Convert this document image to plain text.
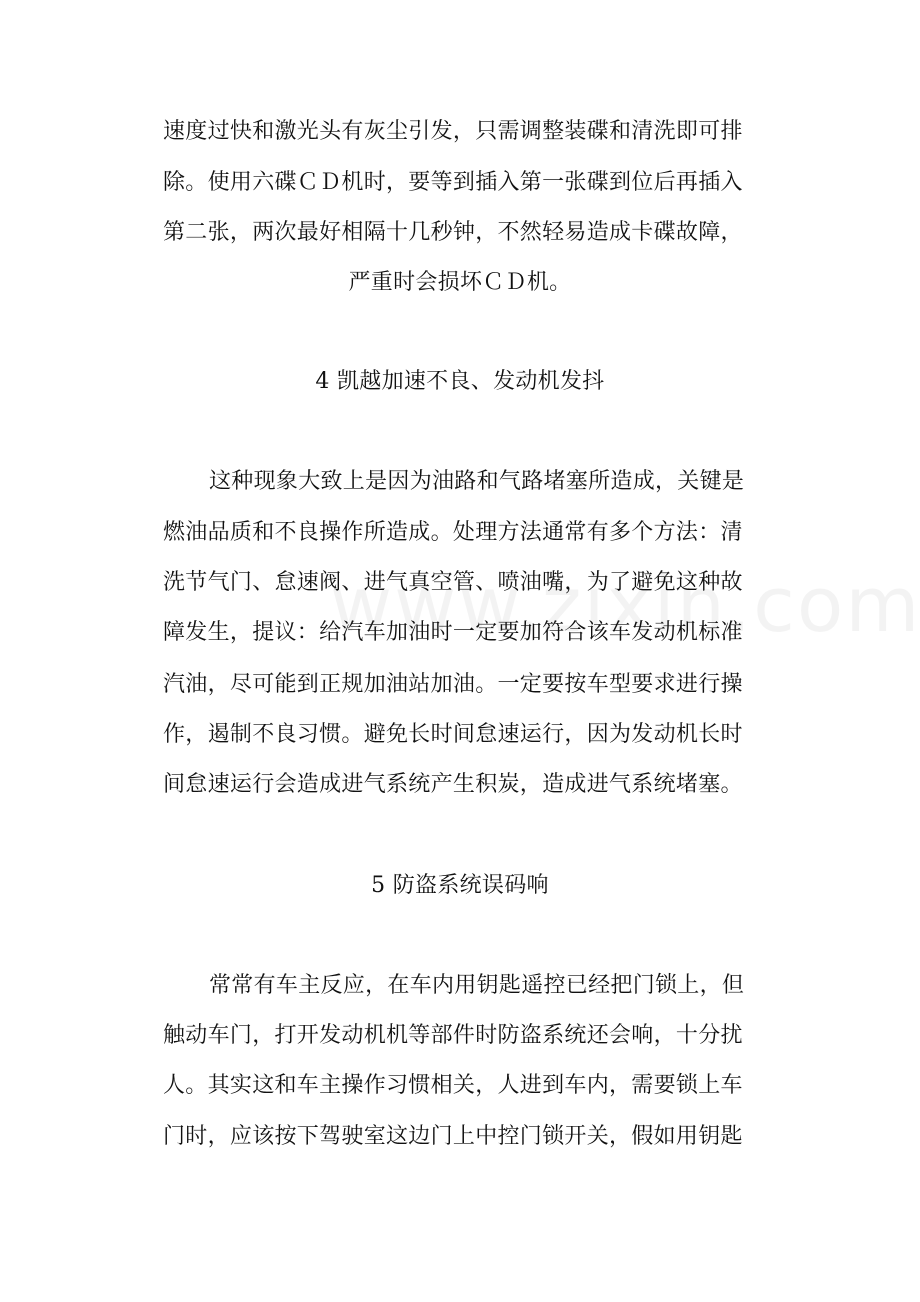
速度过快和激光头有灰尘引发，只需调整装碟和清洗即可排
除。使用六碟ＣＤ机时，要等到插入第一张碟到位后再插入
第二张，两次最好相隔十几秒钟，不然轻易造成卡碟故障，
严重时会损坏ＣＤ机。
4 凯越加速不良、发动机发抖
这种现象大致上是因为油路和气路堵塞所造成，关键是
燃油品质和不良操作所造成。处理方法通常有多个方法：清
洗节气门、怠速阀、进气真空管、喷油嘴，为了避免这种故
障发生，提议：给汽车加油时一定要加符合该车发动机标准
汽油，尽可能到正规加油站加油。一定要按车型要求进行操
作，遏制不良习惯。避免长时间怠速运行，因为发动机长时
间怠速运行会造成进气系统产生积炭，造成进气系统堵塞。
5 防盗系统误码响
常常有车主反应，在车内用钥匙遥控已经把门锁上，但
触动车门，打开发动机机等部件时防盗系统还会响，十分扰
人。其实这和车主操作习惯相关，人进到车内，需要锁上车
门时，应该按下驾驶室这边门上中控门锁开关，假如用钥匙
